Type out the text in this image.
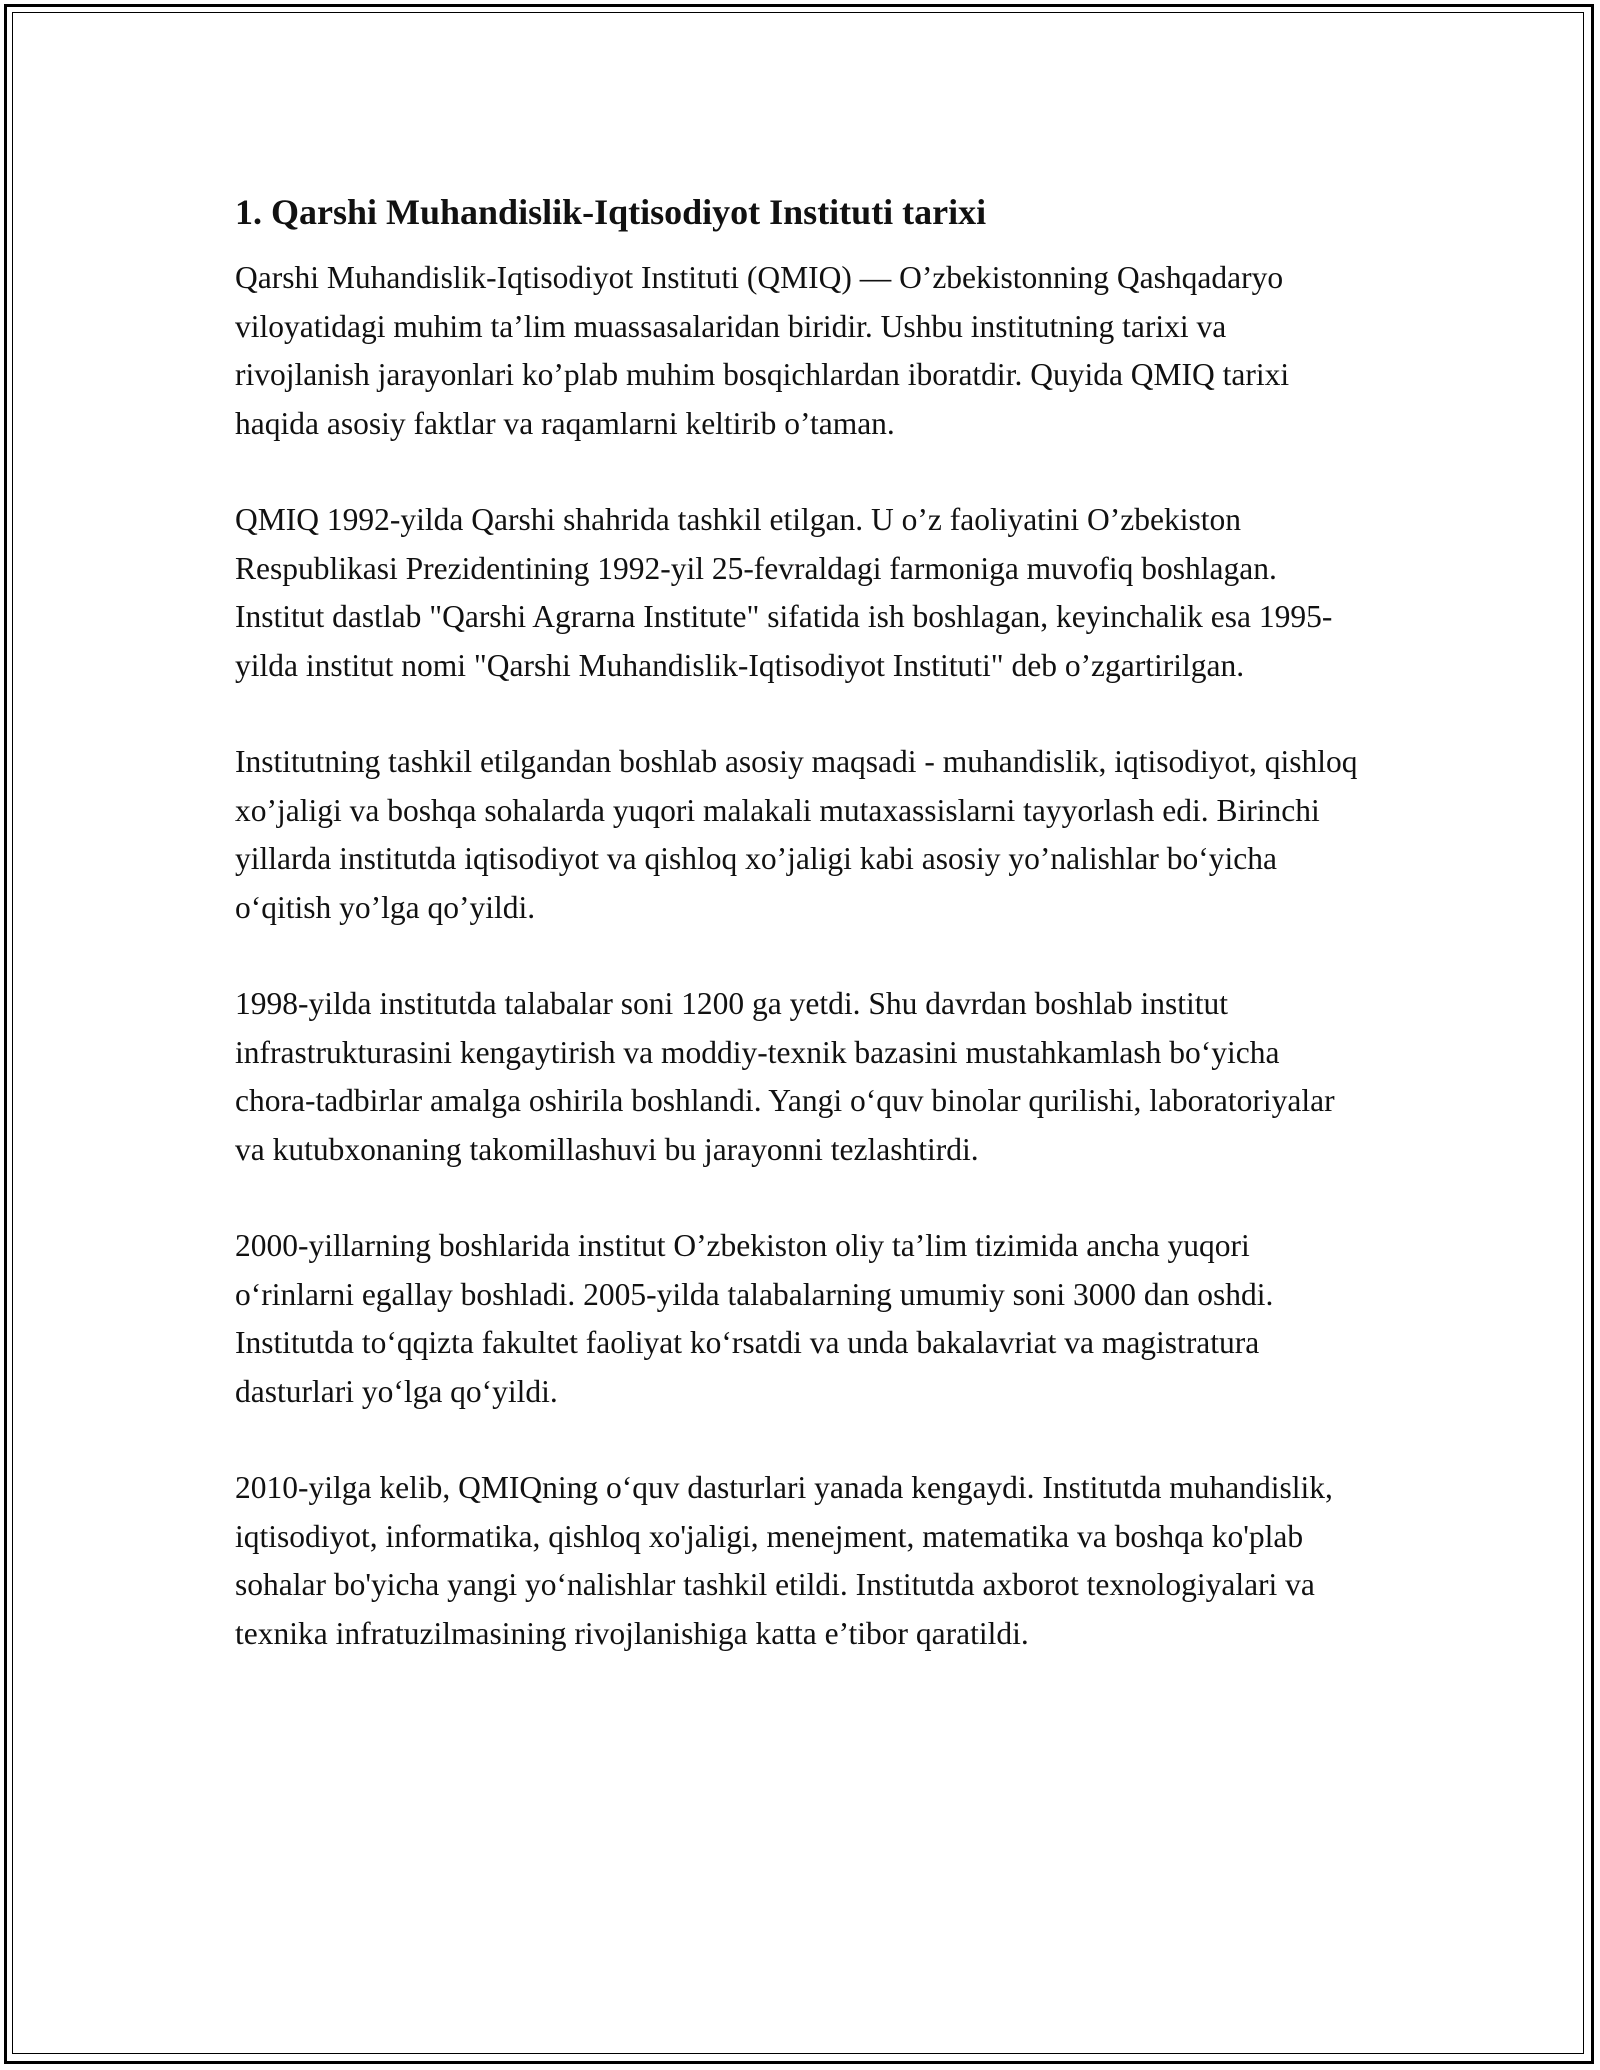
1. Qarshi Muhandislik-Iqtisodiyot Instituti tarixi

Qarshi Muhandislik-Iqtisodiyot Instituti (QMIQ) — O’zbekistonning Qashqadaryo viloyatidagi muhim ta’lim muassasalaridan biridir. Ushbu institutning tarixi va rivojlanish jarayonlari ko’plab muhim bosqichlardan iboratdir. Quyida QMIQ tarixi haqida asosiy faktlar va raqamlarni keltirib o’taman.

QMIQ 1992-yilda Qarshi shahrida tashkil etilgan. U o’z faoliyatini O’zbekiston Respublikasi Prezidentining 1992-yil 25-fevraldagi farmoniga muvofiq boshlagan. Institut dastlab "Qarshi Agrarna Institute" sifatida ish boshlagan, keyinchalik esa 1995-yilda institut nomi "Qarshi Muhandislik-Iqtisodiyot Instituti" deb o’zgartirilgan.

Institutning tashkil etilgandan boshlab asosiy maqsadi - muhandislik, iqtisodiyot, qishloq xo’jaligi va boshqa sohalarda yuqori malakali mutaxassislarni tayyorlash edi. Birinchi yillarda institutda iqtisodiyot va qishloq xo’jaligi kabi asosiy yo’nalishlar bo‘yicha o‘qitish yo’lga qo’yildi.

1998-yilda institutda talabalar soni 1200 ga yetdi. Shu davrdan boshlab institut infrastrukturasini kengaytirish va moddiy-texnik bazasini mustahkamlash bo‘yicha chora-tadbirlar amalga oshirila boshlandi. Yangi o‘quv binolar qurilishi, laboratoriyalar va kutubxonaning takomillashuvi bu jarayonni tezlashtirdi.

2000-yillarning boshlarida institut O’zbekiston oliy ta’lim tizimida ancha yuqori o‘rinlarni egallay boshladi. 2005-yilda talabalarning umumiy soni 3000 dan oshdi. Institutda to‘qqizta fakultet faoliyat ko‘rsatdi va unda bakalavriat va magistratura dasturlari yo‘lga qo‘yildi.

2010-yilga kelib, QMIQning o‘quv dasturlari yanada kengaydi. Institutda muhandislik, iqtisodiyot, informatika, qishloq xo'jaligi, menejment, matematika va boshqa ko'plab sohalar bo'yicha yangi yo‘nalishlar tashkil etildi. Institutda axborot texnologiyalari va texnika infratuzilmasining rivojlanishiga katta e’tibor qaratildi.
